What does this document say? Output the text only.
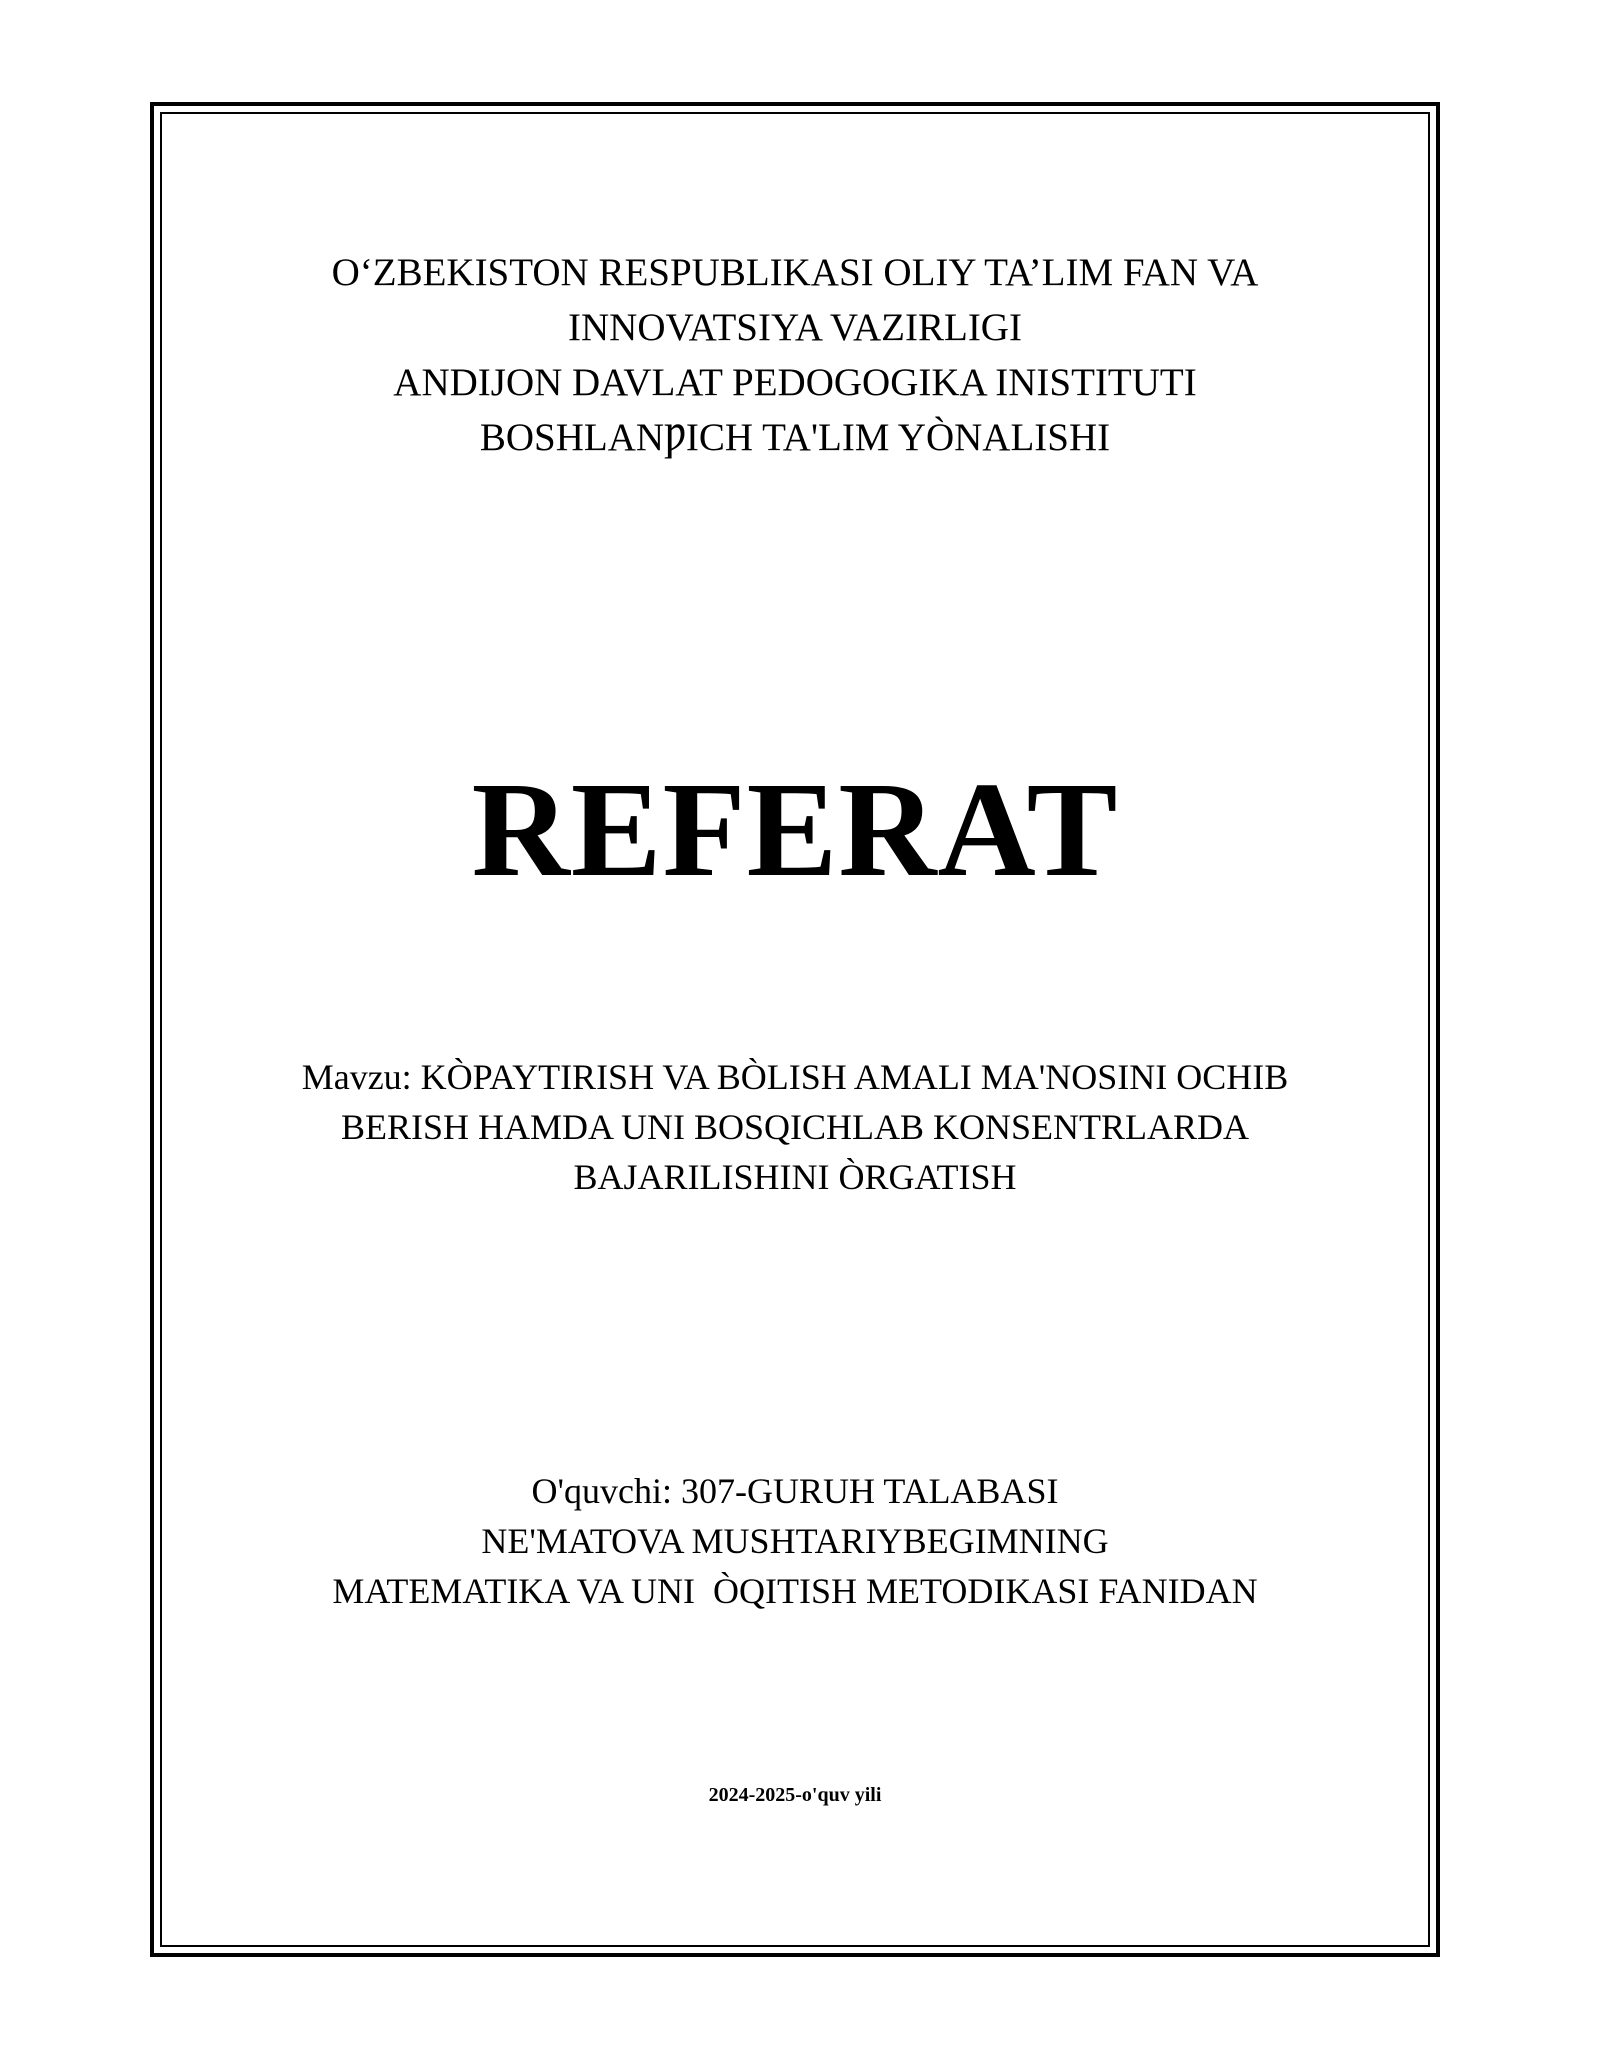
O‘ZBEKISTON RESPUBLIKASI OLIY TA’LIM FAN VA
INNOVATSIYA VAZIRLIGI
ANDIJON DAVLAT PEDOGOGIKA INISTITUTI
BOSHLANǷICH TA'LIM YÒNALISHI
REFERAT
Mavzu: KÒPAYTIRISH VA BÒLISH AMALI MA'NOSINI OCHIB
BERISH HAMDA UNI BOSQICHLAB KONSENTRLARDA
BAJARILISHINI ÒRGATISH
O'quvchi: 307-GURUH TALABASI
NE'MATOVA MUSHTARIYBEGIMNING
MATEMATIKA VA UNI  ÒQITISH METODIKASI FANIDAN
2024-2025-o'quv yili
